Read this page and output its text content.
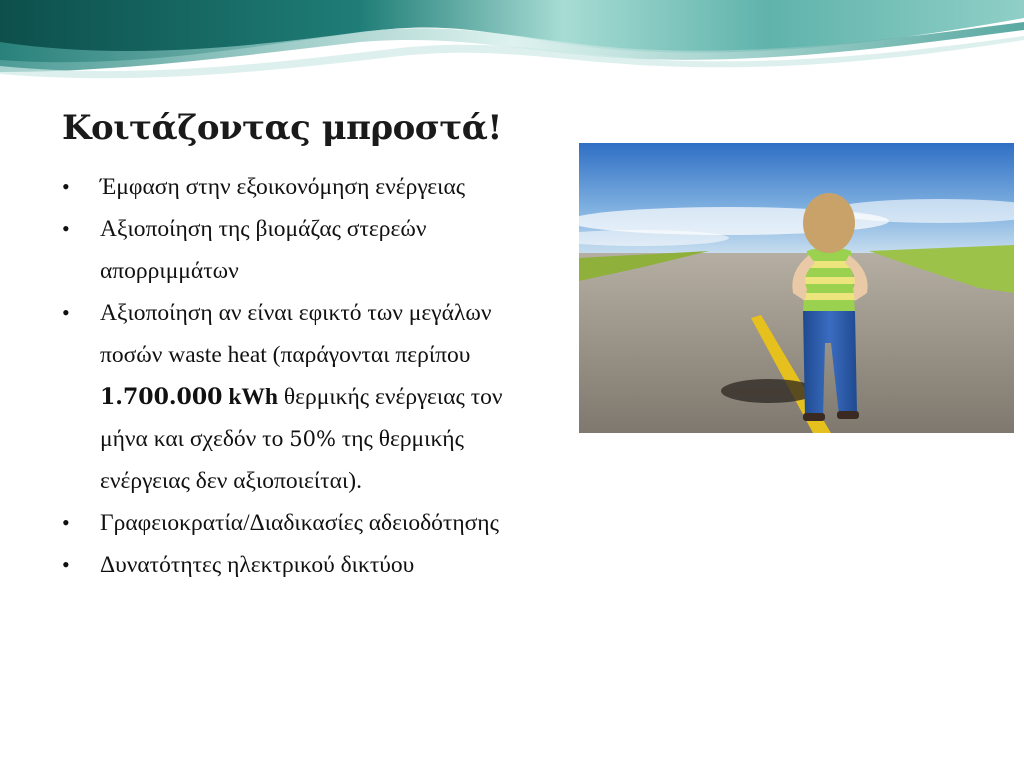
Κοιτάζοντας μπροστά!
• Έμφαση στην εξοικονόμηση ενέργειας
• Αξιοποίηση της βιομάζας στερεών απορριμμάτων
• Αξιοποίηση αν είναι εφικτό των μεγάλων ποσών waste heat (παράγονται περίπου 1.700.000 kWh θερμικής ενέργειας τον μήνα και σχεδόν το 50% της θερμικής ενέργειας δεν αξιοποιείται).
• Γραφειοκρατία/Διαδικασίες αδειοδότησης
• Δυνατότητες ηλεκτρικού δικτύου
